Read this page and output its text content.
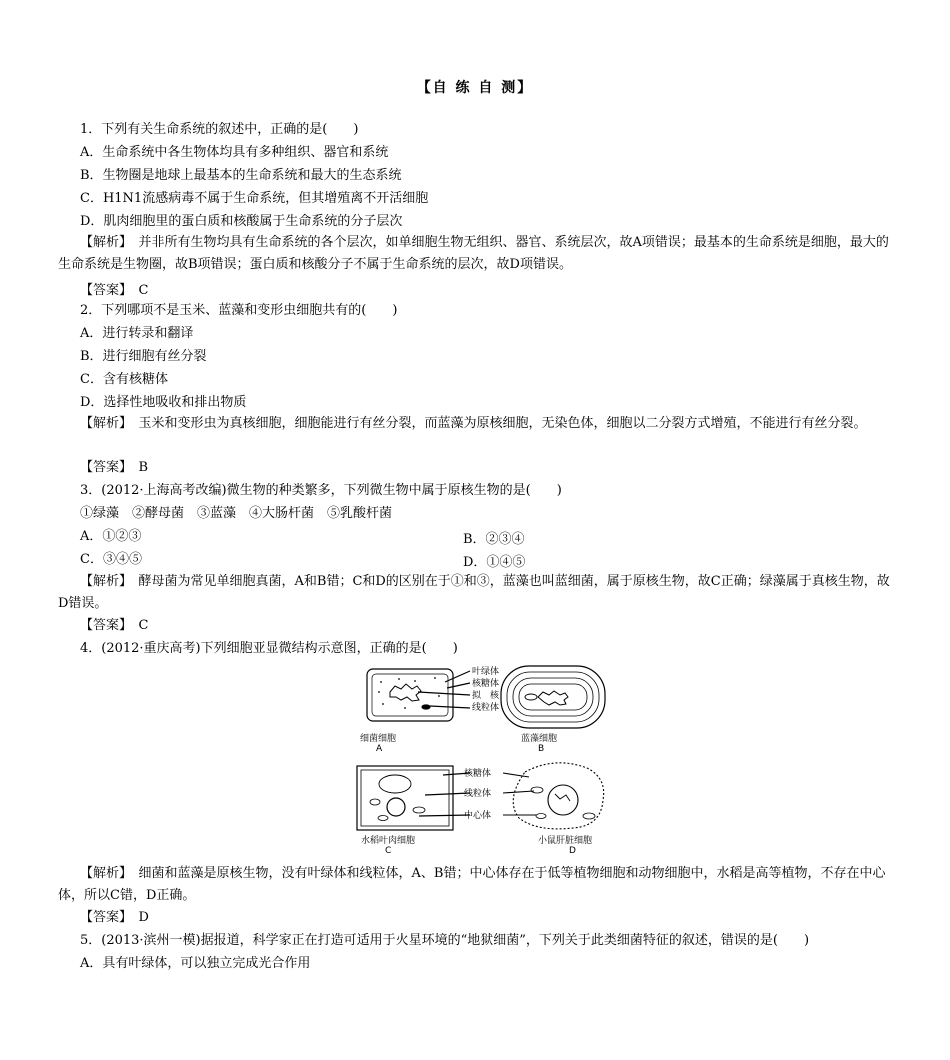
【自 练 自 测】
1．下列有关生命系统的叙述中，正确的是(　　)
A．生命系统中各生物体均具有多种组织、器官和系统
B．生物圈是地球上最基本的生命系统和最大的生态系统
C．H1N1流感病毒不属于生命系统，但其增殖离不开活细胞
D．肌肉细胞里的蛋白质和核酸属于生命系统的分子层次
【解析】　并非所有生物均具有生命系统的各个层次，如单细胞生物无组织、器官、系统层次，故A项错误；最基本的生命系统是细胞，最大的生命系统是生物圈，故B项错误；蛋白质和核酸分子不属于生命系统的层次，故D项错误。
【答案】　C
2．下列哪项不是玉米、蓝藻和变形虫细胞共有的(　　)
A．进行转录和翻译
B．进行细胞有丝分裂
C．含有核糖体
D．选择性地吸收和排出物质
【解析】　玉米和变形虫为真核细胞，细胞能进行有丝分裂，而蓝藻为原核细胞，无染色体，细胞以二分裂方式增殖，不能进行有丝分裂。
【答案】　B
3．(2012·上海高考改编)微生物的种类繁多，下列微生物中属于原核生物的是(　　)
①绿藻　②酵母菌　③蓝藻　④大肠杆菌　⑤乳酸杆菌
A．①②③	B．②③④
C．③④⑤	D．①④⑤
【解析】　酵母菌为常见单细胞真菌，A和B错；C和D的区别在于①和③，蓝藻也叫蓝细菌，属于原核生物，故C正确；绿藻属于真核生物，故D错误。
【答案】　C
4．(2012·重庆高考)下列细胞亚显微结构示意图，正确的是(　　)
叶绿体
核糖体
拟　核
线粒体
细菌细胞
A
蓝藻细胞
B
核糖体
线粒体
中心体
水稻叶肉细胞
C
小鼠肝脏细胞
D
【解析】　细菌和蓝藻是原核生物，没有叶绿体和线粒体，A、B错；中心体存在于低等植物细胞和动物细胞中，水稻是高等植物，不存在中心体，所以C错，D正确。
【答案】　D
5．(2013·滨州一模)据报道，科学家正在打造可适用于火星环境的“地狱细菌”，下列关于此类细菌特征的叙述，错误的是(　　)
A．具有叶绿体，可以独立完成光合作用
